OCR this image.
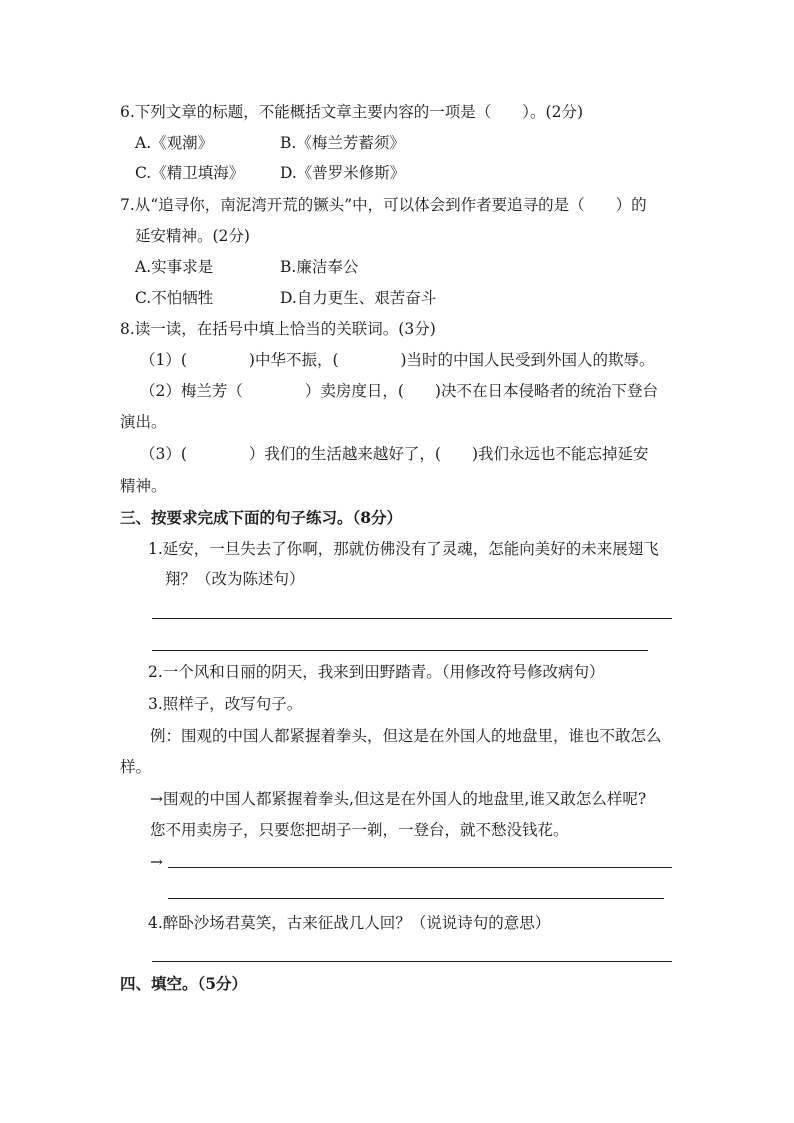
6.下列文章的标题，不能概括文章主要内容的一项是（　　）。(2分)
A.《观潮》	B.《梅兰芳蓄须》
C.《精卫填海》 D.《普罗米修斯》
7.从“追寻你，南泥湾开荒的镢头”中，可以体会到作者要追寻的是（　　）的
延安精神。(2分)
A.实事求是	B.廉洁奉公
C.不怕牺牲	D.自力更生、艰苦奋斗
8.读一读，在括号中填上恰当的关联词。(3分)
（1）(　　　　)中华不振，(　　　　)当时的中国人民受到外国人的欺辱。
（2）梅兰芳（　　　　）卖房度日，(　　)决不在日本侵略者的统治下登台
演出。
（3）(　　　　）我们的生活越来越好了，(　　)我们永远也不能忘掉延安
精神。
三、按要求完成下面的句子练习。（8分）
1.延安，一旦失去了你啊，那就仿佛没有了灵魂，怎能向美好的未来展翅飞
翔？（改为陈述句）
2.一个风和日丽的阴天，我来到田野踏青。（用修改符号修改病句）
3.照样子，改写句子。
例：围观的中国人都紧握着拳头，但这是在外国人的地盘里，谁也不敢怎么
样。
→围观的中国人都紧握着拳头,但这是在外国人的地盘里,谁又敢怎么样呢?
您不用卖房子，只要您把胡子一剃，一登台，就不愁没钱花。
→
4.醉卧沙场君莫笑，古来征战几人回？（说说诗句的意思）
四、填空。（5分）
